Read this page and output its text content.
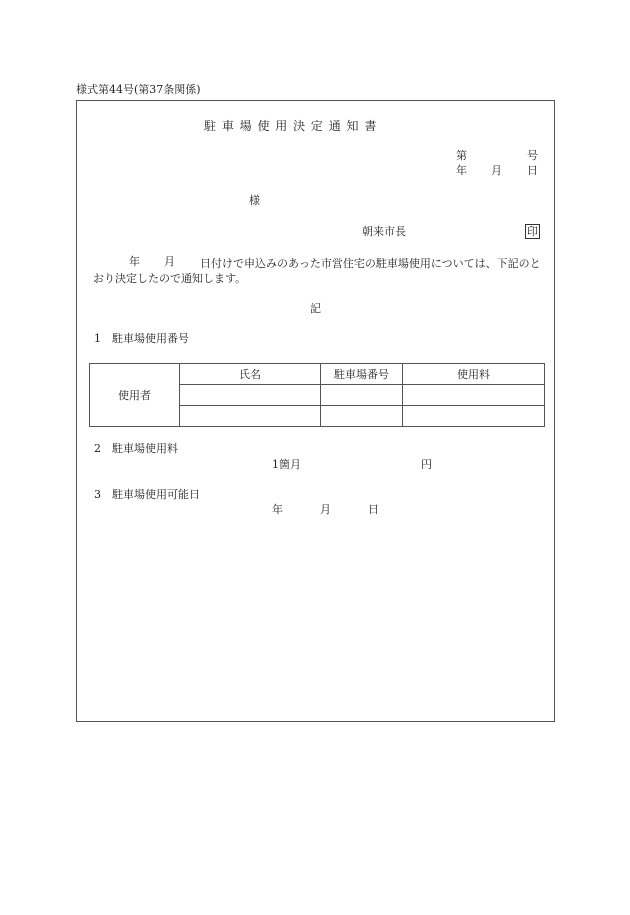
様式第44号(第37条関係)
駐 車 場 使 用 決 定 通 知 書
第	号
年 月 日
様
朝来市長	印
年 月	日付けで申込みのあった市営住宅の駐車場使用については、下記のとおり決定したので通知します。
記
1　駐車場使用番号
使用者	氏名	駐車場番号	使用料

2　駐車場使用料
1箇月	円
3　駐車場使用可能日
年	月	日
